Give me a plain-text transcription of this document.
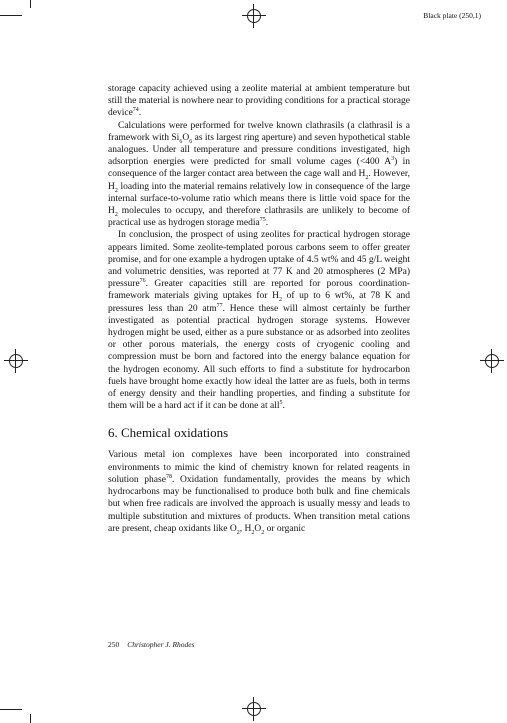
Black plate (250,1)

storage capacity achieved using a zeolite material at ambient temperature but still the material is nowhere near to providing conditions for a practical storage device$^{74}$.

Calculations were performed for twelve known clathrasils (a clathrasil is a framework with $Si_6O_6$ as its largest ring aperture) and seven hypothetical stable analogues. Under all temperature and pressure conditions investigated, high adsorption energies were predicted for small volume cages (<400 $A^3$) in consequence of the larger contact area between the cage wall and $H_2$. However, $H_2$ loading into the material remains relatively low in consequence of the large internal surface-to-volume ratio which means there is little void space for the $H_2$ molecules to occupy, and therefore clathrasils are unlikely to become of practical use as hydrogen storage media$^{75}$.

In conclusion, the prospect of using zeolites for practical hydrogen storage appears limited. Some zeolite-templated porous carbons seem to offer greater promise, and for one example a hydrogen uptake of 4.5 wt% and 45 g/L weight and volumetric densities, was reported at 77 K and 20 atmospheres (2 MPa) pressure$^{76}$. Greater capacities still are reported for porous coordination-framework materials giving uptakes for $H_2$ of up to 6 wt%, at 78 K and pressures less than 20 atm$^{77}$. Hence these will almost certainly be further investigated as potential practical hydrogen storage systems. However hydrogen might be used, either as a pure substance or as adsorbed into zeolites or other porous materials, the energy costs of cryogenic cooling and compression must be born and factored into the energy balance equation for the hydrogen economy. All such efforts to find a substitute for hydrocarbon fuels have brought home exactly how ideal the latter are as fuels, both in terms of energy density and their handling properties, and finding a substitute for them will be a hard act if it can be done at all$^5$.

6. Chemical oxidations

Various metal ion complexes have been incorporated into constrained environments to mimic the kind of chemistry known for related reagents in solution phase$^{78}$. Oxidation fundamentally, provides the means by which hydrocarbons may be functionalised to produce both bulk and fine chemicals but when free radicals are involved the approach is usually messy and leads to multiple substitution and mixtures of products. When transition metal cations are present, cheap oxidants like $O_2$, $H_2O_2$ or organic

250 Christopher J. Rhodes
